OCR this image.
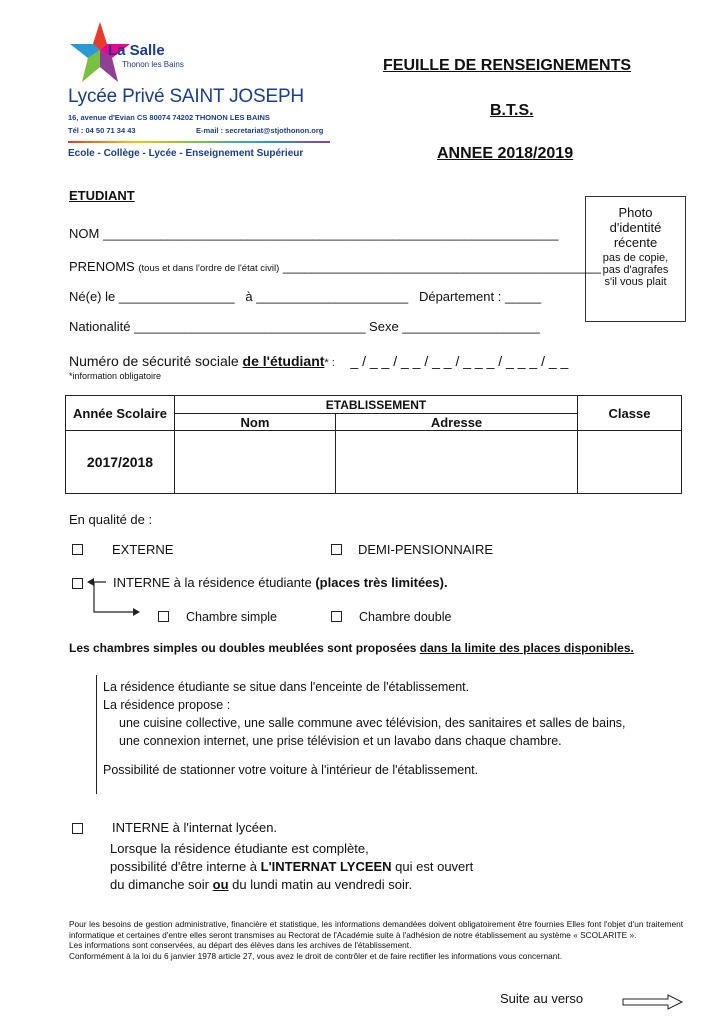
La Salle
Thonon les Bains
Lycée Privé SAINT JOSEPH
16, avenue d'Evian CS 80074 74202 THONON LES BAINS
Tél : 04 50 71 34 43	E-mail : secretariat@stjothonon.org
Ecole - Collège - Lycée - Enseignement Supérieur
FEUILLE DE RENSEIGNEMENTS
B.T.S.
ANNEE 2018/2019
Photo
d'identité
récente
pas de copie,
pas d'agrafes
s'il vous plait
ETUDIANT
NOM _______________________________________________________________
PRENOMS (tous et dans l'ordre de l'état civil) ____________________________________________
Né(e) le ________________ à _____________________ Département : _____
Nationalité ________________________________ Sexe ___________________
Numéro de sécurité sociale de l'étudiant* : _ / _ _ / _ _ / _ _ / _ _ _ / _ _ _ / _ _
*information obligatoire
Année Scolaire	ETABLISSEMENT		Classe
	Nom	Adresse	
2017/2018			
En qualité de :
EXTERNE	DEMI-PENSIONNAIRE
INTERNE à la résidence étudiante (places très limitées).
Chambre simple	Chambre double
Les chambres simples ou doubles meublées sont proposées dans la limite des places disponibles.
La résidence étudiante se situe dans l'enceinte de l'établissement.
La résidence propose :
une cuisine collective, une salle commune avec télévision, des sanitaires et salles de bains,
une connexion internet, une prise télévision et un lavabo dans chaque chambre.
Possibilité de stationner votre voiture à l'intérieur de l'établissement.
INTERNE à l'internat lycéen.
Lorsque la résidence étudiante est complète,
possibilité d'être interne à L'INTERNAT LYCEEN qui est ouvert
du dimanche soir ou du lundi matin au vendredi soir.
Pour les besoins de gestion administrative, financière et statistique, les informations demandées doivent obligatoirement être fournies Elles font l'objet d'un traitement informatique et certaines d'entre elles seront transmises au Rectorat de l'Académie suite à l'adhésion de notre établissement au système « SCOLARITE ».
Les informations sont conservées, au départ des élèves dans les archives de l'établissement.
Conformément à la loi du 6 janvier 1978 article 27, vous avez le droit de contrôler et de faire rectifier les informations vous concernant.
Suite au verso
